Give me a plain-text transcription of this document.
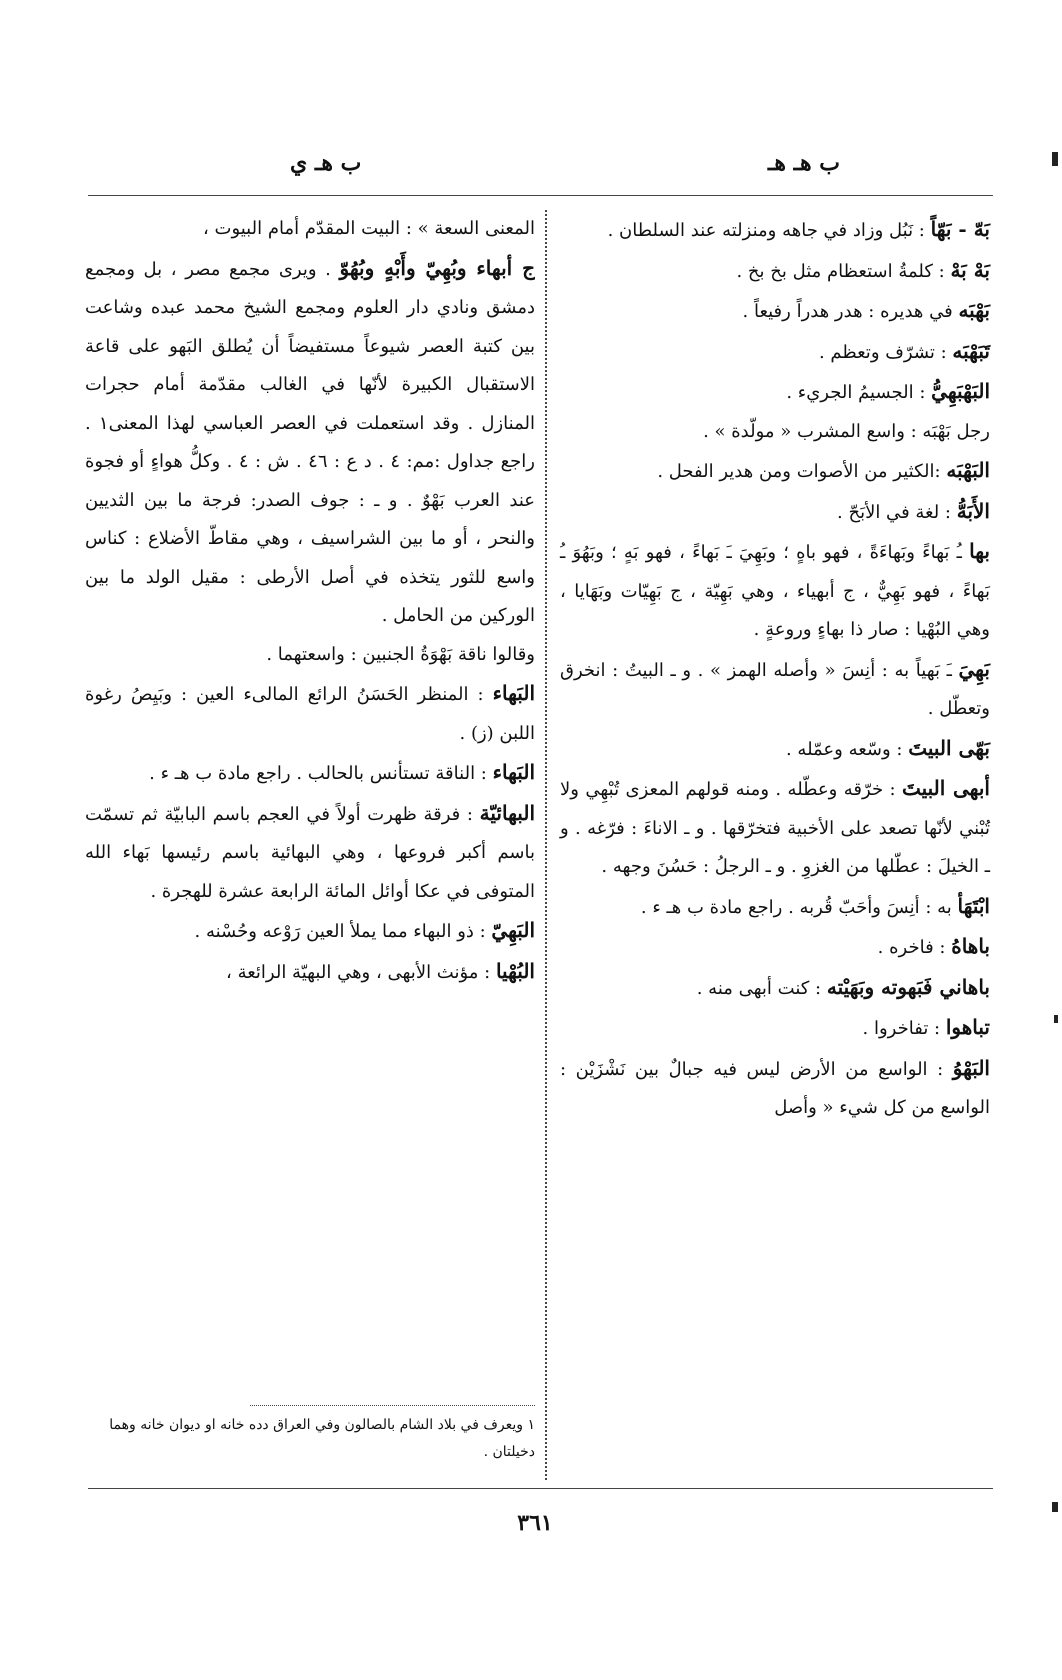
ب هـ هـ
ب هـ ي

بَهّ - بَهّاً : نَبُل وزاد في جاهه ومنزلته عند السلطان .

بَهْ بَهْ : كلمةُ استعظام مثل بخ بخ .

بَهْبَه في هديره : هدر هدراً رفيعاً .

تَبَهْبَه : تشرّف وتعظم .

البَهْبَهِيُّ : الجسيمُ الجريء .

رجل بَهْبَه : واسع المشرب « مولّدة » .

البَهْبَه :الكثير من الأصوات ومن هدير الفحل .

الأَبَهُّ : لغة في الأبَحّ .

بها ـُ بَهاءً وبَهاءَةً ، فهو باهٍ ؛ وبَهِيَ ـَ بَهاءً ، فهو بَهٍ ؛ وبَهُوَ ـُ بَهاءً ، فهو بَهِيٌّ ، ج أبهياء ، وهي بَهِيّة ، ج بَهِيّات وبَهَايا ، وهي البُهْيا : صار ذا بهاءٍ وروعةٍ .

بَهِيَ ـَ بَهياً به : أنِسَ « وأصله الهمز » . و ـ البيتُ : انخرق وتعطّل .

بَهّى البيتَ : وسّعه وعمّله .

أبهى البيتَ : خرّقه وعطّله . ومنه قولهم المعزى تُبْهِي ولا تُبْني لأنّها تصعد على الأخبية فتخرّقها . و ـ الاناءَ : فرّغه . و ـ الخيلَ : عطّلها من الغزوِ . و ـ الرجلُ : حَسُنَ وجهه .

ابْتَهَأ به : أنِسَ وأحَبّ قُربه . راجع مادة ب هـ ء .

باهاهُ : فاخره .

باهاني فَبَهوته وبَهَيْته : كنت أبهى منه .

تباهوا : تفاخروا .

البَهْوُ : الواسع من الأرض ليس فيه جبالٌ بين نَشْزَيْن : الواسع من كل شيء « وأصل

المعنى السعة » : البيت المقدّم أمام البيوت ،

ج أبهاء وبُهِيّ وأَبْهٍ وبُهُوّ . ويرى مجمع مصر ، بل ومجمع دمشق ونادي دار العلوم ومجمع الشيخ محمد عبده وشاعت بين كتبة العصر شيوعاً مستفيضاً أن يُطلق البَهو على قاعة الاستقبال الكبيرة لأنّها في الغالب مقدّمة أمام حجرات المنازل . وقد استعملت في العصر العباسي لهذا المعنى١ . راجع جداول :مم: ٤ . د ع : ٤٦ . ش : ٤ . وكلُّ هواءٍ أو فجوة عند العرب بَهْوٌ . و ـ : جوف الصدر: فرجة ما بين الثديين والنحر ، أو ما بين الشراسيف ، وهي مقاطّ الأضلاع : كناس واسع للثور يتخذه في أصل الأرطى : مقيل الولد ما بين الوركين من الحامل .

وقالوا ناقة بَهْوَةُ الجنبين : واسعتهما .

البَهاء : المنظر الحَسَنُ الرائع المالىء العين : وبَيِصُ رغوة اللبن (ز) .

البَهاء : الناقة تستأنس بالحالب . راجع مادة ب هـ ء .

البهائيّة : فرقة ظهرت أولاً في العجم باسم البابيّة ثم تسمّت باسم أكبر فروعها ، وهي البهائية باسم رئيسها بَهاء الله المتوفى في عكا أوائل المائة الرابعة عشرة للهجرة .

البَهِيّ : ذو البهاء مما يملأ العين رَوْعه وحُسْنه .

البُهْيا : مؤنث الأبهى ، وهي البهيّة الرائعة ،

١ ويعرف في بلاد الشام بالصالون وفي العراق دده خانه او ديوان خانه وهما دخيلتان .
٣٦١
